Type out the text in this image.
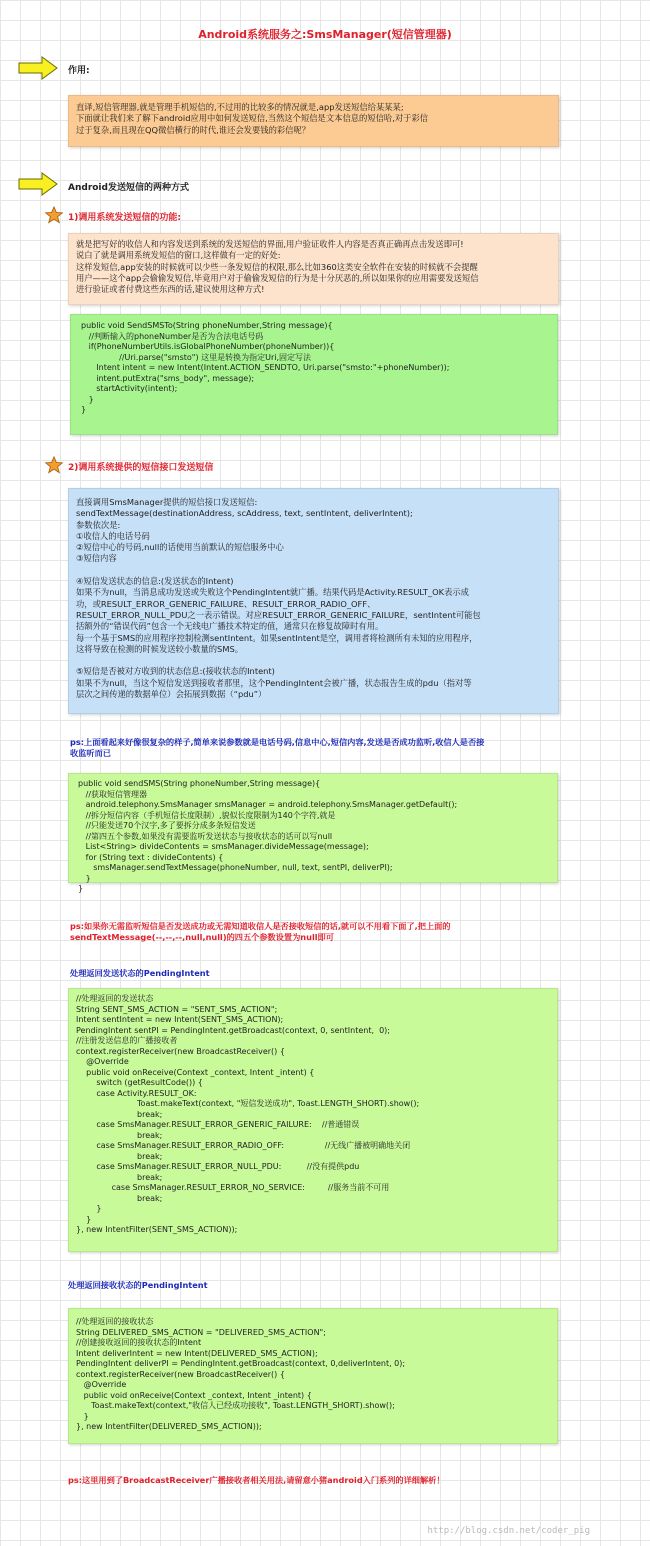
Android系统服务之:SmsManager(短信管理器)
作用:
直译,短信管理器,就是管理手机短信的,不过用的比较多的情况就是,app发送短信给某某某;
下面就让我们来了解下android应用中如何发送短信,当然这个短信是文本信息的短信哈,对于彩信
过于复杂,而且现在QQ微信横行的时代,谁还会发要钱的彩信呢？
Android发送短信的两种方式
1)调用系统发送短信的功能:
就是把写好的收信人和内容发送到系统的发送短信的界面,用户验证收件人内容是否真正确再点击发送即可!
说白了就是调用系统发短信的窗口,这样做有一定的好处:
这样发短信,app安装的时候就可以少些一条发短信的权限,那么比如360这类安全软件在安装的时候就不会提醒
用户——这个app会偷偷发短信,毕竟用户对于偷偷发短信的行为是十分厌恶的,所以如果你的应用需要发送短信
进行验证或者付费这些东西的话,建议使用这种方式!
public void SendSMSTo(String phoneNumber,String message){
//判断输入的phoneNumber是否为合法电话号码
if(PhoneNumberUtils.isGlobalPhoneNumber(phoneNumber)){
//Uri.parse("smsto") 这里是转换为指定Uri,固定写法
Intent intent = new Intent(Intent.ACTION_SENDTO, Uri.parse("smsto:"+phoneNumber));
intent.putExtra("sms_body", message);
startActivity(intent);
}
}
2)调用系统提供的短信接口发送短信
直接调用SmsManager提供的短信接口发送短信:
sendTextMessage(destinationAddress, scAddress, text, sentIntent, deliverIntent);
参数依次是:
①收信人的电话号码
②短信中心的号码,null的话使用当前默认的短信服务中心
③短信内容

④短信发送状态的信息:(发送状态的Intent)
如果不为null，当消息成功发送或失败这个PendingIntent就广播。结果代码是Activity.RESULT_OK表示成
功，或RESULT_ERROR_GENERIC_FAILURE、RESULT_ERROR_RADIO_OFF、
RESULT_ERROR_NULL_PDU之一表示错误。对应RESULT_ERROR_GENERIC_FAILURE，sentIntent可能包
括额外的“错误代码”包含一个无线电广播技术特定的值，通常只在修复故障时有用。
每一个基于SMS的应用程序控制检测sentIntent。如果sentIntent是空，调用者将检测所有未知的应用程序，
这将导致在检测的时候发送较小数量的SMS。

⑤短信是否被对方收到的状态信息:(接收状态的Intent)
如果不为null，当这个短信发送到接收者那里，这个PendingIntent会被广播，状态报告生成的pdu（指对等
层次之间传递的数据单位）会拓展到数据（“pdu”）
ps:上面看起来好像很复杂的样子,简单来说参数就是电话号码,信息中心,短信内容,发送是否成功监听,收信人是否接
收监听而已
public void sendSMS(String phoneNumber,String message){
//获取短信管理器
android.telephony.SmsManager smsManager = android.telephony.SmsManager.getDefault();
//拆分短信内容（手机短信长度限制）,貌似长度限制为140个字符,就是
//只能发送70个汉字,多了要拆分成多条短信发送
//第四五个参数,如果没有需要监听发送状态与接收状态的话可以写null
List<String> divideContents = smsManager.divideMessage(message);
for (String text : divideContents) {
smsManager.sendTextMessage(phoneNumber, null, text, sentPI, deliverPI);
}
}
ps:如果你无需监听短信是否发送成功或无需知道收信人是否接收短信的话,就可以不用看下面了,把上面的
sendTextMessage(--,--,--,null,null)的四五个参数设置为null即可
处理返回发送状态的PendingIntent
//处理返回的发送状态
String SENT_SMS_ACTION = "SENT_SMS_ACTION";
Intent sentIntent = new Intent(SENT_SMS_ACTION);
PendingIntent sentPI = PendingIntent.getBroadcast(context, 0, sentIntent,  0);
//注册发送信息的广播接收者
context.registerReceiver(new BroadcastReceiver() {
@Override
public void onReceive(Context _context, Intent _intent) {
switch (getResultCode()) {
case Activity.RESULT_OK:
Toast.makeText(context, "短信发送成功", Toast.LENGTH_SHORT).show();
break;
case SmsManager.RESULT_ERROR_GENERIC_FAILURE:    //普通错误
break;
case SmsManager.RESULT_ERROR_RADIO_OFF:                //无线广播被明确地关闭
break;
case SmsManager.RESULT_ERROR_NULL_PDU:          //没有提供pdu
break;
case SmsManager.RESULT_ERROR_NO_SERVICE:         //服务当前不可用
break;
}
}
}, new IntentFilter(SENT_SMS_ACTION));
处理返回接收状态的PendingIntent
//处理返回的接收状态
String DELIVERED_SMS_ACTION = "DELIVERED_SMS_ACTION";
//创建接收返回的接收状态的Intent
Intent deliverIntent = new Intent(DELIVERED_SMS_ACTION);
PendingIntent deliverPI = PendingIntent.getBroadcast(context, 0,deliverIntent, 0);
context.registerReceiver(new BroadcastReceiver() {
@Override
public void onReceive(Context _context, Intent _intent) {
Toast.makeText(context,"收信人已经成功接收", Toast.LENGTH_SHORT).show();
}
}, new IntentFilter(DELIVERED_SMS_ACTION));
ps:这里用到了BroadcastReceiver广播接收者相关用法,请留意小猪android入门系列的详细解析！
http://blog.csdn.net/coder_pig
